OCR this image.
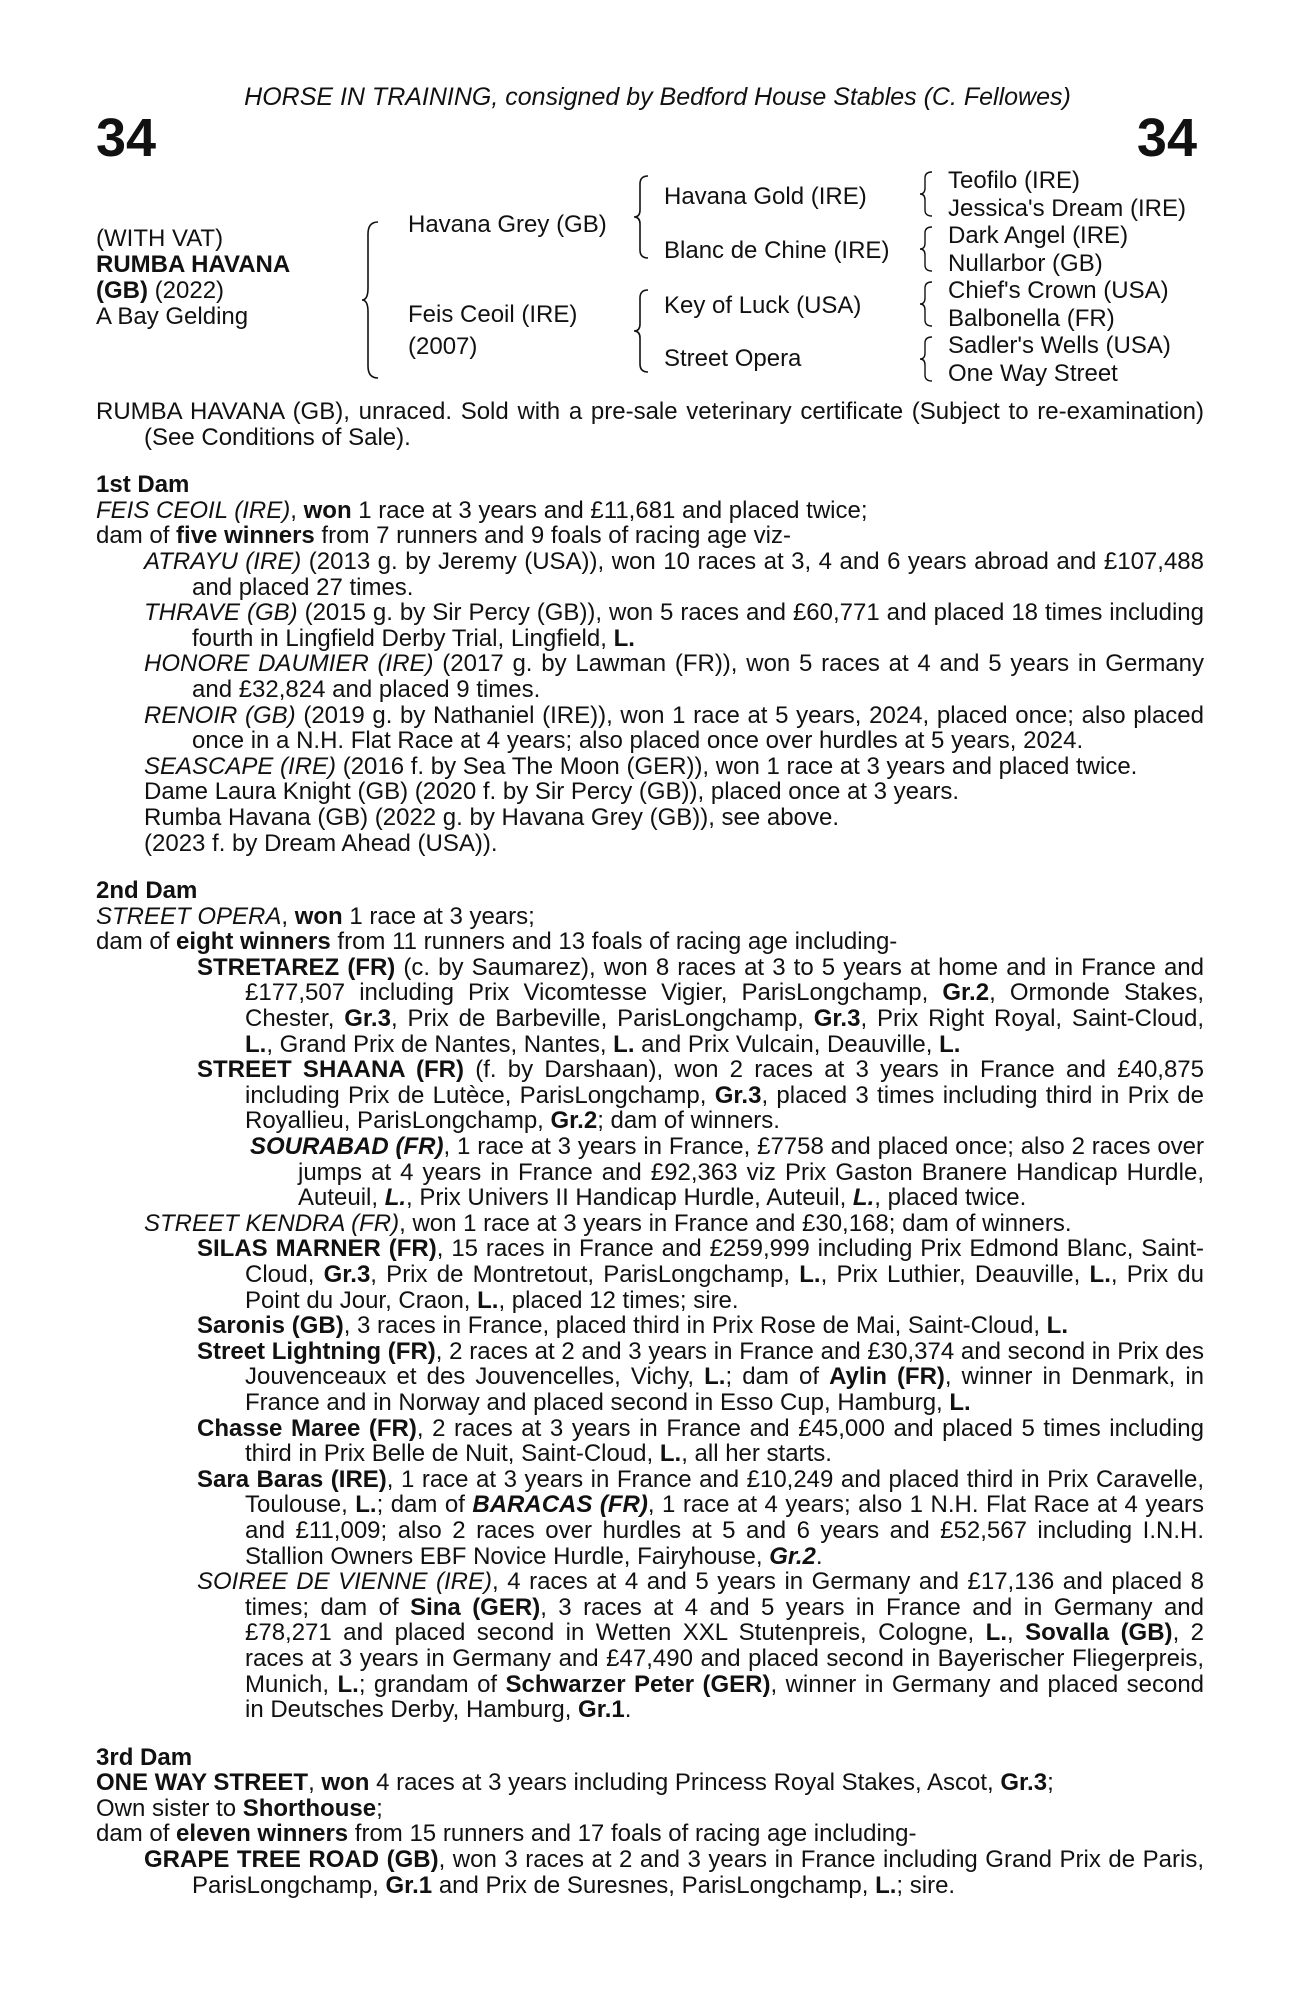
HORSE IN TRAINING, consigned by Bedford House Stables (C. Fellowes)
34	34
(WITH VAT)
RUMBA HAVANA
(GB) (2022)
A Bay Gelding
Havana Grey (GB)
Feis Ceoil (IRE)
(2007)
Havana Gold (IRE)
Blanc de Chine (IRE)
Key of Luck (USA)
Street Opera
Teofilo (IRE)
Jessica's Dream (IRE)
Dark Angel (IRE)
Nullarbor (GB)
Chief's Crown (USA)
Balbonella (FR)
Sadler's Wells (USA)
One Way Street

RUMBA HAVANA (GB), unraced. Sold with a pre-sale veterinary certificate (Subject to re-examination) (See Conditions of Sale).

1st Dam

FEIS CEOIL (IRE), won 1 race at 3 years and £11,681 and placed twice;

dam of five winners from 7 runners and 9 foals of racing age viz-

ATRAYU (IRE) (2013 g. by Jeremy (USA)), won 10 races at 3, 4 and 6 years abroad and £107,488 and placed 27 times.

THRAVE (GB) (2015 g. by Sir Percy (GB)), won 5 races and £60,771 and placed 18 times including fourth in Lingfield Derby Trial, Lingfield, L.

HONORE DAUMIER (IRE) (2017 g. by Lawman (FR)), won 5 races at 4 and 5 years in Germany and £32,824 and placed 9 times.

RENOIR (GB) (2019 g. by Nathaniel (IRE)), won 1 race at 5 years, 2024, placed once; also placed once in a N.H. Flat Race at 4 years; also placed once over hurdles at 5 years, 2024.

SEASCAPE (IRE) (2016 f. by Sea The Moon (GER)), won 1 race at 3 years and placed twice.

Dame Laura Knight (GB) (2020 f. by Sir Percy (GB)), placed once at 3 years.

Rumba Havana (GB) (2022 g. by Havana Grey (GB)), see above.

(2023 f. by Dream Ahead (USA)).

2nd Dam

STREET OPERA, won 1 race at 3 years;

dam of eight winners from 11 runners and 13 foals of racing age including-

STRETAREZ (FR) (c. by Saumarez), won 8 races at 3 to 5 years at home and in France and £177,507 including Prix Vicomtesse Vigier, ParisLongchamp, Gr.2, Ormonde Stakes, Chester, Gr.3, Prix de Barbeville, ParisLongchamp, Gr.3, Prix Right Royal, Saint-Cloud, L., Grand Prix de Nantes, Nantes, L. and Prix Vulcain, Deauville, L.

STREET SHAANA (FR) (f. by Darshaan), won 2 races at 3 years in France and £40,875 including Prix de Lutèce, ParisLongchamp, Gr.3, placed 3 times including third in Prix de Royallieu, ParisLongchamp, Gr.2; dam of winners.

SOURABAD (FR), 1 race at 3 years in France, £7758 and placed once; also 2 races over jumps at 4 years in France and £92,363 viz Prix Gaston Branere Handicap Hurdle, Auteuil, L., Prix Univers II Handicap Hurdle, Auteuil, L., placed twice.

STREET KENDRA (FR), won 1 race at 3 years in France and £30,168; dam of winners.

SILAS MARNER (FR), 15 races in France and £259,999 including Prix Edmond Blanc, Saint-Cloud, Gr.3, Prix de Montretout, ParisLongchamp, L., Prix Luthier, Deauville, L., Prix du Point du Jour, Craon, L., placed 12 times; sire.

Saronis (GB), 3 races in France, placed third in Prix Rose de Mai, Saint-Cloud, L.

Street Lightning (FR), 2 races at 2 and 3 years in France and £30,374 and second in Prix des Jouvenceaux et des Jouvencelles, Vichy, L.; dam of Aylin (FR), winner in Denmark, in France and in Norway and placed second in Esso Cup, Hamburg, L.

Chasse Maree (FR), 2 races at 3 years in France and £45,000 and placed 5 times including third in Prix Belle de Nuit, Saint-Cloud, L., all her starts.

Sara Baras (IRE), 1 race at 3 years in France and £10,249 and placed third in Prix Caravelle, Toulouse, L.; dam of BARACAS (FR), 1 race at 4 years; also 1 N.H. Flat Race at 4 years and £11,009; also 2 races over hurdles at 5 and 6 years and £52,567 including I.N.H. Stallion Owners EBF Novice Hurdle, Fairyhouse, Gr.2.

SOIREE DE VIENNE (IRE), 4 races at 4 and 5 years in Germany and £17,136 and placed 8 times; dam of Sina (GER), 3 races at 4 and 5 years in France and in Germany and £78,271 and placed second in Wetten XXL Stutenpreis, Cologne, L., Sovalla (GB), 2 races at 3 years in Germany and £47,490 and placed second in Bayerischer Fliegerpreis, Munich, L.; grandam of Schwarzer Peter (GER), winner in Germany and placed second in Deutsches Derby, Hamburg, Gr.1.

3rd Dam

ONE WAY STREET, won 4 races at 3 years including Princess Royal Stakes, Ascot, Gr.3;

Own sister to Shorthouse;

dam of eleven winners from 15 runners and 17 foals of racing age including-

GRAPE TREE ROAD (GB), won 3 races at 2 and 3 years in France including Grand Prix de Paris, ParisLongchamp, Gr.1 and Prix de Suresnes, ParisLongchamp, L.; sire.
